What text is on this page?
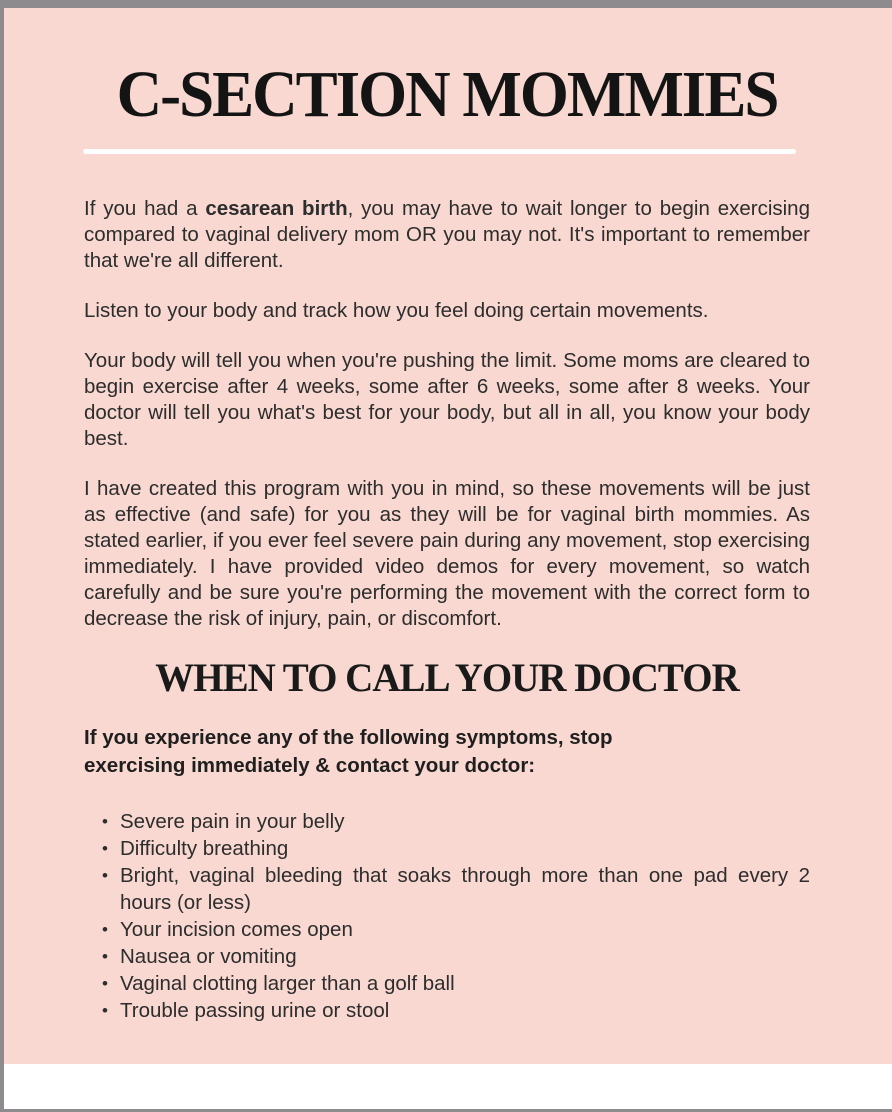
C-SECTION MOMMIES

If you had a cesarean birth, you may have to wait longer to begin exercising compared to vaginal delivery mom OR you may not. It's important to remember that we're all different.

Listen to your body and track how you feel doing certain movements.

Your body will tell you when you're pushing the limit. Some moms are cleared to begin exercise after 4 weeks, some after 6 weeks, some after 8 weeks. Your doctor will tell you what's best for your body, but all in all, you know your body best.

I have created this program with you in mind, so these movements will be just as effective (and safe) for you as they will be for vaginal birth mommies. As stated earlier, if you ever feel severe pain during any movement, stop exercising immediately. I have provided video demos for every movement, so watch carefully and be sure you're performing the movement with the correct form to decrease the risk of injury, pain, or discomfort.

WHEN TO CALL YOUR DOCTOR
If you experience any of the following symptoms, stop
exercising immediately & contact your doctor:
• Severe pain in your belly
• Difficulty breathing
• Bright, vaginal bleeding that soaks through more than one pad every 2 hours (or less)
• Your incision comes open
• Nausea or vomiting
• Vaginal clotting larger than a golf ball
• Trouble passing urine or stool
